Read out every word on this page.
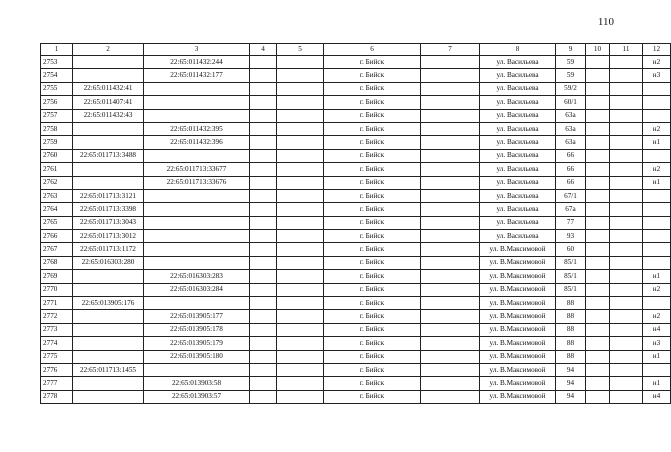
110
1	2	3	4	5	6	7	8	9	10	11	12
2753		22:65:011432:244			г. Бийск		ул. Васильева	59			н2
2754		22:65:011432:177			г. Бийск		ул. Васильева	59			н3
2755	22:65:011432:41				г. Бийск		ул. Васильева	59/2			
2756	22:65:011407:41				г. Бийск		ул. Васильева	60/1			
2757	22:65:011432:43				г. Бийск		ул. Васильева	63а			
2758		22:65:011432:395			г. Бийск		ул. Васильева	63а			н2
2759		22:65:011432:396			г. Бийск		ул. Васильева	63а			н1
2760	22:65:011713:3488				г. Бийск		ул. Васильева	66			
2761		22:65:011713:33677			г. Бийск		ул. Васильева	66			н2
2762		22:65:011713:33676			г. Бийск		ул. Васильева	66			н1
2763	22:65:011713:3121				г. Бийск		ул. Васильева	67/1			
2764	22:65:011713:3398				г. Бийск		ул. Васильева	67а			
2765	22:65:011713:3043				г. Бийск		ул. Васильева	77			
2766	22:65:011713:3012				г. Бийск		ул. Васильева	93			
2767	22:65:011713:1172				г. Бийск		ул. В.Максимовой	60			
2768	22:65:016303:280				г. Бийск		ул. В.Максимовой	85/1			
2769		22:65:016303:283			г. Бийск		ул. В.Максимовой	85/1			н1
2770		22:65:016303:284			г. Бийск		ул. В.Максимовой	85/1			н2
2771	22:65:013905:176				г. Бийск		ул. В.Максимовой	88			
2772		22:65:013905:177			г. Бийск		ул. В.Максимовой	88			н2
2773		22:65:013905:178			г. Бийск		ул. В.Максимовой	88			н4
2774		22:65:013905:179			г. Бийск		ул. В.Максимовой	88			н3
2775		22:65:013905:180			г. Бийск		ул. В.Максимовой	88			н1
2776	22:65:011713:1455				г. Бийск		ул. В.Максимовой	94			
2777		22:65:013903:58			г. Бийск		ул. В.Максимовой	94			н1
2778		22:65:013903:57			г. Бийск		ул. В.Максимовой	94			н4
